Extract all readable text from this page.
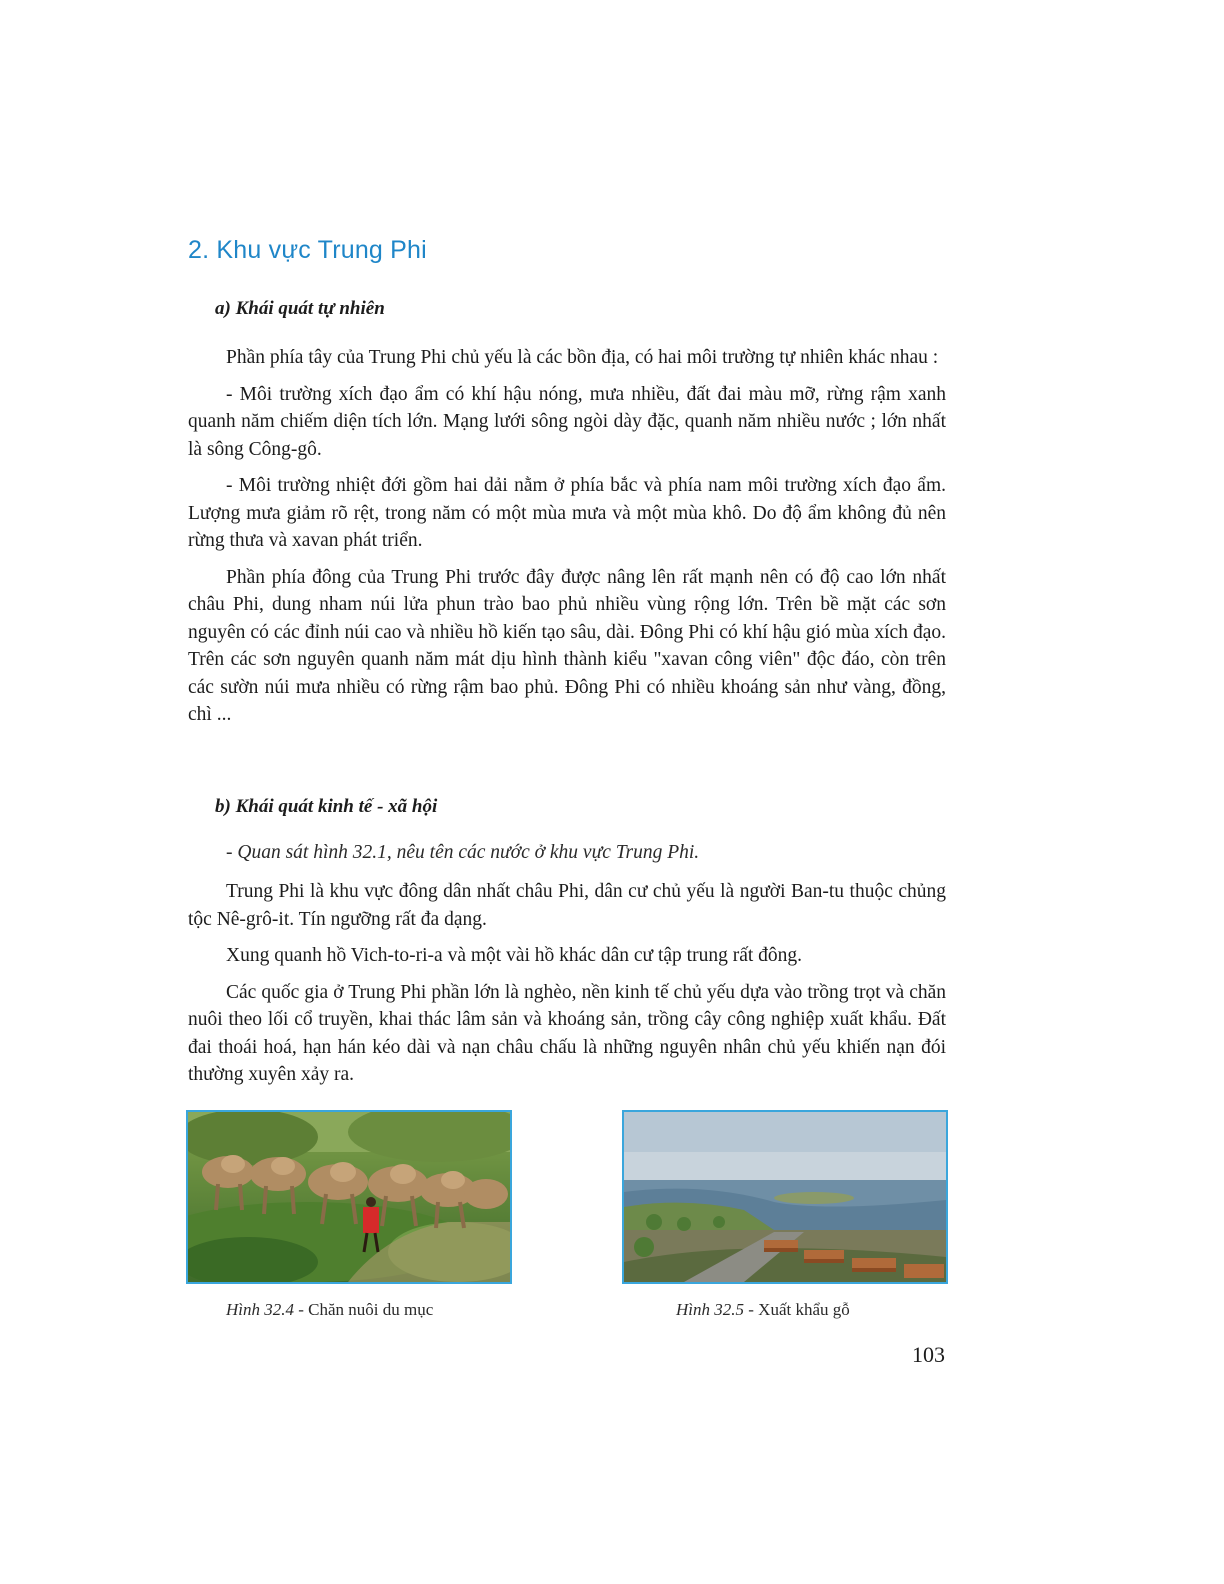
2. Khu vực Trung Phi

a) Khái quát tự nhiên

Phần phía tây của Trung Phi chủ yếu là các bồn địa, có hai môi trường tự nhiên khác nhau :

- Môi trường xích đạo ẩm có khí hậu nóng, mưa nhiều, đất đai màu mỡ, rừng rậm xanh quanh năm chiếm diện tích lớn. Mạng lưới sông ngòi dày đặc, quanh năm nhiều nước ; lớn nhất là sông Công-gô.

- Môi trường nhiệt đới gồm hai dải nằm ở phía bắc và phía nam môi trường xích đạo ẩm. Lượng mưa giảm rõ rệt, trong năm có một mùa mưa và một mùa khô. Do độ ẩm không đủ nên rừng thưa và xavan phát triển.

Phần phía đông của Trung Phi trước đây được nâng lên rất mạnh nên có độ cao lớn nhất châu Phi, dung nham núi lửa phun trào bao phủ nhiều vùng rộng lớn. Trên bề mặt các sơn nguyên có các đỉnh núi cao và nhiều hồ kiến tạo sâu, dài. Đông Phi có khí hậu gió mùa xích đạo. Trên các sơn nguyên quanh năm mát dịu hình thành kiểu "xavan công viên" độc đáo, còn trên các sườn núi mưa nhiều có rừng rậm bao phủ. Đông Phi có nhiều khoáng sản như vàng, đồng, chì ...

b) Khái quát kinh tế - xã hội

- Quan sát hình 32.1, nêu tên các nước ở khu vực Trung Phi.

Trung Phi là khu vực đông dân nhất châu Phi, dân cư chủ yếu là người Ban-tu thuộc chủng tộc Nê-grô-it. Tín ngưỡng rất đa dạng.

Xung quanh hồ Vich-to-ri-a và một vài hồ khác dân cư tập trung rất đông.

Các quốc gia ở Trung Phi phần lớn là nghèo, nền kinh tế chủ yếu dựa vào trồng trọt và chăn nuôi theo lối cổ truyền, khai thác lâm sản và khoáng sản, trồng cây công nghiệp xuất khẩu. Đất đai thoái hoá, hạn hán kéo dài và nạn châu chấu là những nguyên nhân chủ yếu khiến nạn đói thường xuyên xảy ra.

Hình 32.4 - Chăn nuôi du mục	Hình 32.5 - Xuất khẩu gỗ

103
